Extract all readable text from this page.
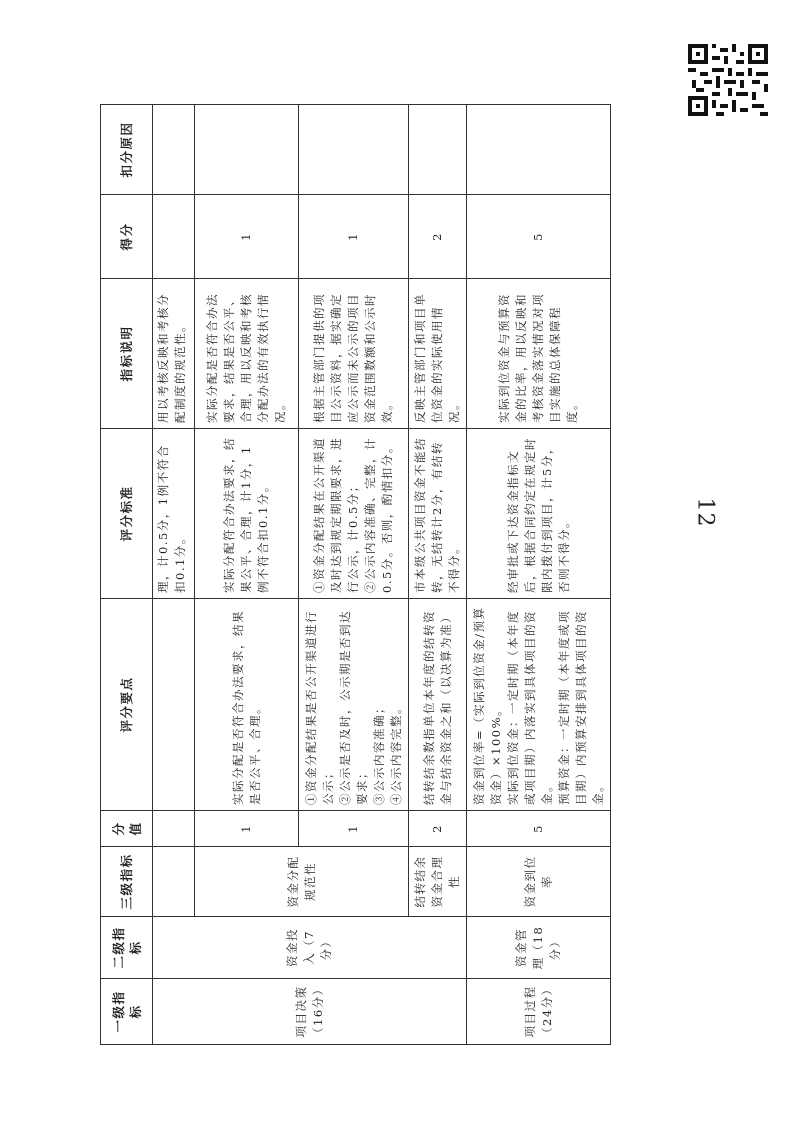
12
一级指标	二级指标	三级指标	分值	评分要点	评分标准	指标说明	得分	扣分原因
项目决策（16分）	资金投入（7分）				理，计0.5分，1例不符合扣0.1分。	用以考核反映和考核分配制度的规范性。		
		资金分配规范性	1	实际分配是否符合办法要求，结果是否公平、合理。	实际分配符合办法要求，结果公平、合理，计1分，1例不符合扣0.1分。	实际分配是否符合办法要求，结果是否公平、合理，用以反映和考核分配办法的有效执行情况。	1	
			1	①资金分配结果是否公开渠道进行公示；
②公示是否及时，公示期是否到达要求；
③公示内容准确；
④公示内容完整。	①资金分配结果在公开渠道及时达到规定期限要求，进行公示，计0.5分；
②公示内容准确、完整，计0.5分。否则，酌情扣分。	根据主管部门提供的项目公示资料，据实确定应公示而未公示的项目资金范围数额和公示时效。	1	
		结转结余资金合理性	2	结转结余数指单位本年度的结转资金与结余资金之和（以决算为准）	市本级公共项目资金不能结转，无结转计2分，有结转不得分。	反映主管部门和项目单位资金的实际使用情况。	2	
项目过程（24分）	资金管理（18分）	资金到位率	5	资金到位率=（实际到位资金/预算资金）×100%。
实际到位资金：一定时期（本年度或项目期）内落实到具体项目的资金。
预算资金：一定时期（本年度或项目期）内预算安排到具体项目的资金。	经审批或下达资金指标文后，根据合同约定在规定时限内拨付到项目，计5分，否则不得分。	实际到位资金与预算资金的比率，用以反映和考核资金落实情况对项目实施的总体保障程度。	5	
